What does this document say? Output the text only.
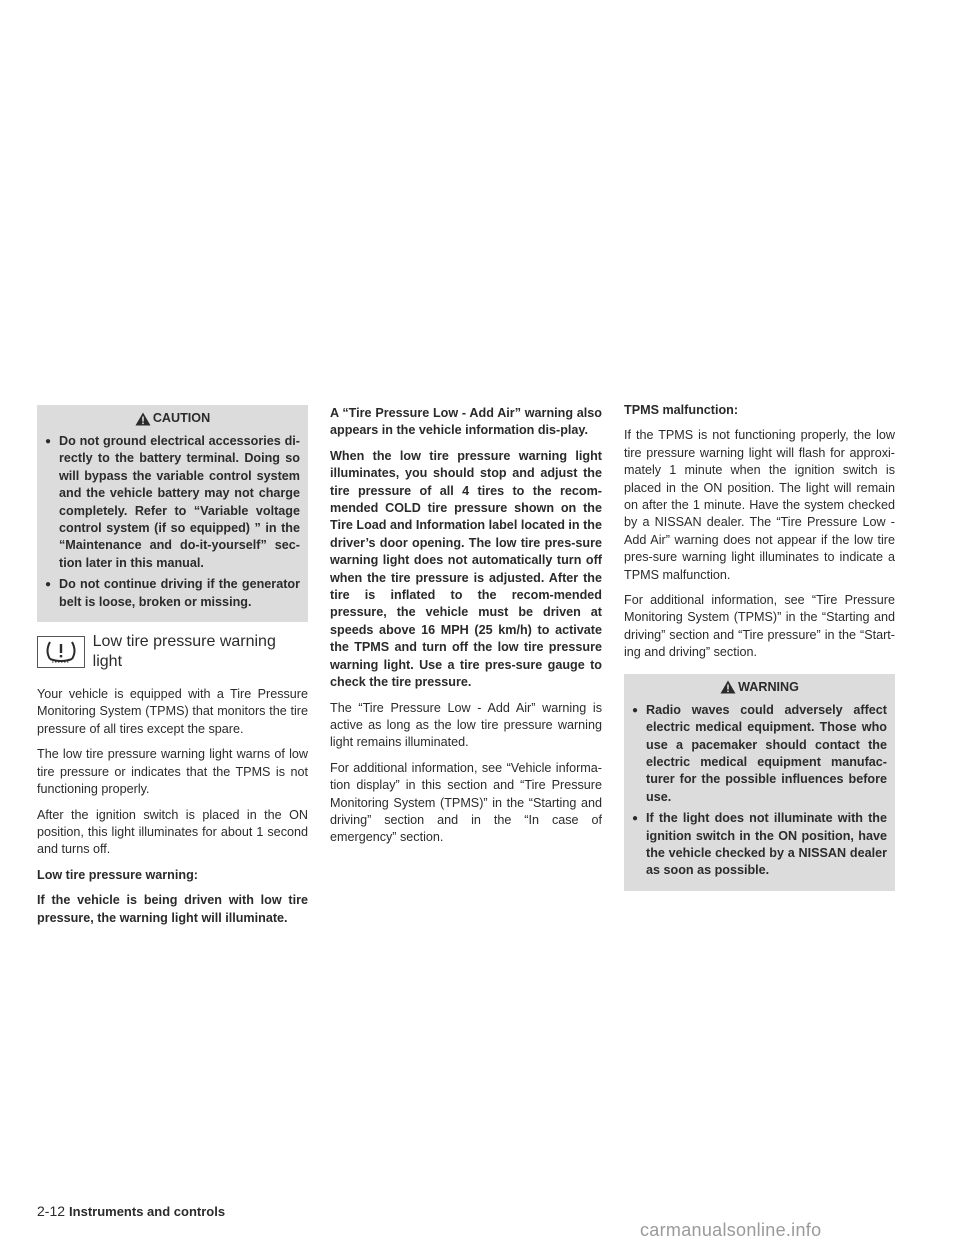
CAUTION
● Do not ground electrical accessories di-rectly to the battery terminal. Doing so will bypass the variable control system and the vehicle battery may not charge completely. Refer to “Variable voltage control system (if so equipped) ” in the “Maintenance and do-it-yourself” sec-tion later in this manual.
● Do not continue driving if the generator belt is loose, broken or missing.
Low tire pressure warning light

Your vehicle is equipped with a Tire Pressure Monitoring System (TPMS) that monitors the tire pressure of all tires except the spare.

The low tire pressure warning light warns of low tire pressure or indicates that the TPMS is not functioning properly.

After the ignition switch is placed in the ON position, this light illuminates for about 1 second and turns off.

Low tire pressure warning:

If the vehicle is being driven with low tire pressure, the warning light will illuminate.

A “Tire Pressure Low - Add Air” warning also appears in the vehicle information dis-play.

When the low tire pressure warning light illuminates, you should stop and adjust the tire pressure of all 4 tires to the recom-mended COLD tire pressure shown on the Tire Load and Information label located in the driver’s door opening. The low tire pres-sure warning light does not automatically turn off when the tire pressure is adjusted. After the tire is inflated to the recom-mended pressure, the vehicle must be driven at speeds above 16 MPH (25 km/h) to activate the TPMS and turn off the low tire pressure warning light. Use a tire pres-sure gauge to check the tire pressure.

The “Tire Pressure Low - Add Air” warning is active as long as the low tire pressure warning light remains illuminated.

For additional information, see “Vehicle informa-tion display” in this section and “Tire Pressure Monitoring System (TPMS)” in the “Starting and driving” section and in the “In case of emergency” section.

TPMS malfunction:

If the TPMS is not functioning properly, the low tire pressure warning light will flash for approxi-mately 1 minute when the ignition switch is placed in the ON position. The light will remain on after the 1 minute. Have the system checked by a NISSAN dealer. The “Tire Pressure Low - Add Air” warning does not appear if the low tire pres-sure warning light illuminates to indicate a TPMS malfunction.

For additional information, see “Tire Pressure Monitoring System (TPMS)” in the “Starting and driving” section and “Tire pressure” in the “Start-ing and driving” section.

WARNING
● Radio waves could adversely affect electric medical equipment. Those who use a pacemaker should contact the electric medical equipment manufac-turer for the possible influences before use.
● If the light does not illuminate with the ignition switch in the ON position, have the vehicle checked by a NISSAN dealer as soon as possible.
2-12 Instruments and controls
carmanualsonline.info
